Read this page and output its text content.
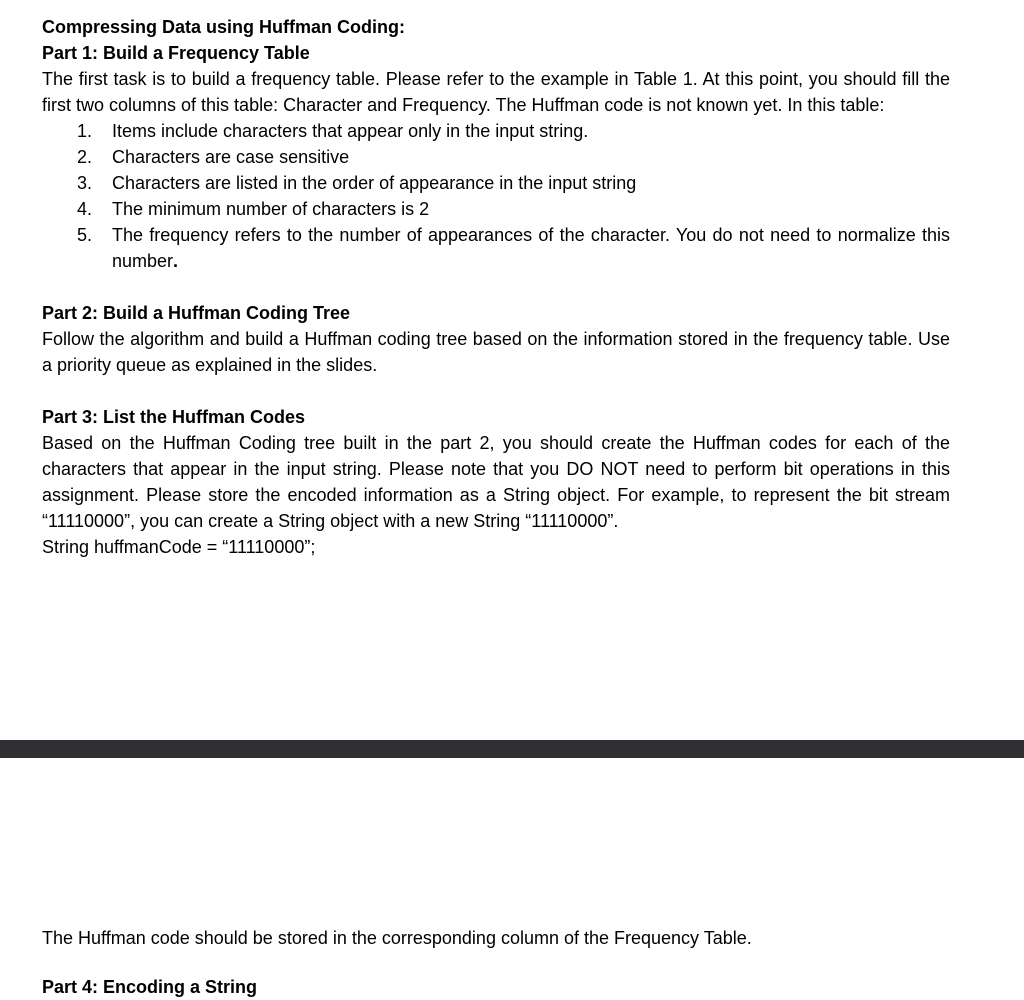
Compressing Data using Huffman Coding:

Part 1: Build a Frequency Table

The first task is to build a frequency table. Please refer to the example in Table 1. At this point, you should fill the first two columns of this table: Character and Frequency. The Huffman code is not known yet. In this table:

1. Items include characters that appear only in the input string.
2. Characters are case sensitive
3. Characters are listed in the order of appearance in the input string
4. The minimum number of characters is 2
5. The frequency refers to the number of appearances of the character. You do not need to normalize this number.

Part 2: Build a Huffman Coding Tree

Follow the algorithm and build a Huffman coding tree based on the information stored in the frequency table. Use a priority queue as explained in the slides.

Part 3: List the Huffman Codes

Based on the Huffman Coding tree built in the part 2, you should create the Huffman codes for each of the characters that appear in the input string. Please note that you DO NOT need to perform bit operations in this assignment. Please store the encoded information as a String object. For example, to represent the bit stream “11110000”, you can create a String object with a new String “11110000”.

String huffmanCode = “11110000”;

The Huffman code should be stored in the corresponding column of the Frequency Table.

Part 4: Encoding a String
